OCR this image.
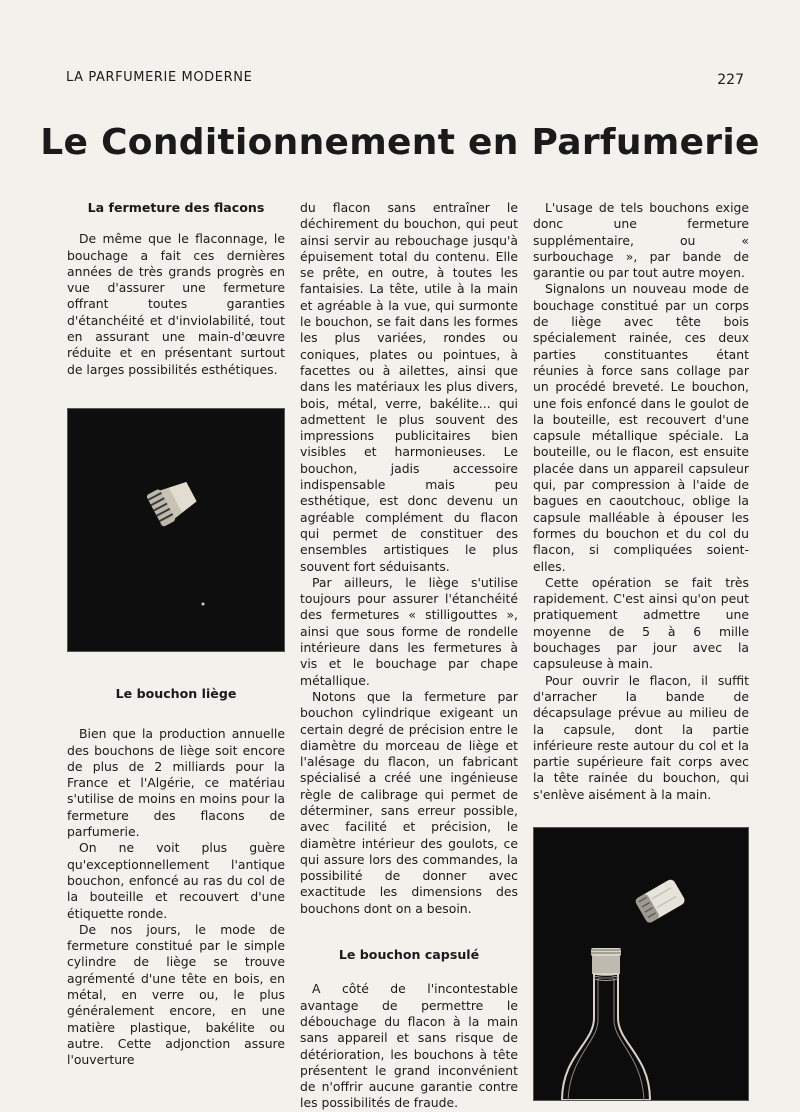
LA PARFUMERIE MODERNE	227
Le Conditionnement en Parfumerie
La fermeture des flacons

De même que le flaconnage, le bouchage a fait ces dernières années de très grands progrès en vue d'assurer une fermeture offrant toutes garanties d'étanchéité et d'inviolabilité, tout en assurant une main-d'œuvre réduite et en présentant surtout de larges possibilités esthétiques.

Le bouchon liège

Bien que la production annuelle des bouchons de liège soit encore de plus de 2 milliards pour la France et l'Algérie, ce matériau s'utilise de moins en moins pour la fermeture des flacons de parfumerie.

On ne voit plus guère qu'exceptionnellement l'antique bouchon, enfoncé au ras du col de la bouteille et recouvert d'une étiquette ronde.

De nos jours, le mode de fermeture constitué par le simple cylindre de liège se trouve agrémenté d'une tête en bois, en métal, en verre ou, le plus généralement encore, en une matière plastique, bakélite ou autre. Cette adjonction assure l'ouverture

du flacon sans entraîner le déchirement du bouchon, qui peut ainsi servir au rebouchage jusqu'à épuisement total du contenu. Elle se prête, en outre, à toutes les fantaisies. La tête, utile à la main et agréable à la vue, qui surmonte le bouchon, se fait dans les formes les plus variées, rondes ou coniques, plates ou pointues, à facettes ou à ailettes, ainsi que dans les matériaux les plus divers, bois, métal, verre, bakélite... qui admettent le plus souvent des impressions publicitaires bien visibles et harmonieuses. Le bouchon, jadis accessoire indispensable mais peu esthétique, est donc devenu un agréable complément du flacon qui permet de constituer des ensembles artistiques le plus souvent fort séduisants.

Par ailleurs, le liège s'utilise toujours pour assurer l'étanchéité des fermetures « stilligouttes », ainsi que sous forme de rondelle intérieure dans les fermetures à vis et le bouchage par chape métallique.

Notons que la fermeture par bouchon cylindrique exigeant un certain degré de précision entre le diamètre du morceau de liège et l'alésage du flacon, un fabricant spécialisé a créé une ingénieuse règle de calibrage qui permet de déterminer, sans erreur possible, avec facilité et précision, le diamètre intérieur des goulots, ce qui assure lors des commandes, la possibilité de donner avec exactitude les dimensions des bouchons dont on a besoin.

Le bouchon capsulé

A côté de l'incontestable avantage de permettre le débouchage du flacon à la main sans appareil et sans risque de détérioration, les bouchons à tête présentent le grand inconvénient de n'offrir aucune garantie contre les possibilités de fraude.

L'usage de tels bouchons exige donc une fermeture supplémentaire, ou « surbouchage », par bande de garantie ou par tout autre moyen.

Signalons un nouveau mode de bouchage constitué par un corps de liège avec tête bois spécialement rainée, ces deux parties constituantes étant réunies à force sans collage par un procédé breveté. Le bouchon, une fois enfoncé dans le goulot de la bouteille, est recouvert d'une capsule métallique spéciale. La bouteille, ou le flacon, est ensuite placée dans un appareil capsuleur qui, par compression à l'aide de bagues en caoutchouc, oblige la capsule malléable à épouser les formes du bouchon et du col du flacon, si compliquées soient-elles.

Cette opération se fait très rapidement. C'est ainsi qu'on peut pratiquement admettre une moyenne de 5 à 6 mille bouchages par jour avec la capsuleuse à main.

Pour ouvrir le flacon, il suffit d'arracher la bande de décapsulage prévue au milieu de la capsule, dont la partie inférieure reste autour du col et la partie supérieure fait corps avec la tête rainée du bouchon, qui s'enlève aisément à la main.
